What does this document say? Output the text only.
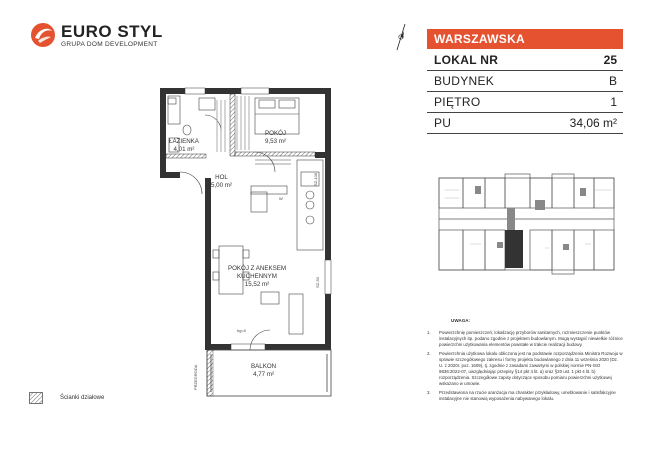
EURO STYL
GRUPA DOM DEVELOPMENT	WARSZAWSKA
LOKAL NR	25
BUDYNEK	B
PIĘTRO	1
PU	34,06 m²
UWAGA:
1.	Powierzchnię pomieszczeń, lokalizację przyborów sanitarnych, rozmieszczenie punktów instalacyjnych itp. podano zgodnie z projektem budowlanym. Mogą wystąpić niewielkie różnice powierzchni użytkowania elementów powstałe w trakcie realizacji budowy.
2.	Powierzchnia użytkowa lokalu obliczona jest na podstawie rozporządzenia Ministra Rozwoju w sprawie szczegółowego zakresu i formy projektu budowlanego z dnia 11 września 2020 (Dz. U. z 2020r. poz. 1609), tj. zgodnie z zasadami zawartymi w polskiej normie PN-ISO 9836:2022-07, uwzględniając przepisy §14 pkt 4 lit. a) oraz §20 ust. 1 pkt 4 lit. b) rozporządzenia. Szczegółowe zapisy dotyczące sposobu pomiaru powierzchni użytkowej wskazano w umowie.
3.	Przedstawiona na rzucie aranżacja ma charakter przykładowy, umeblowanie i satisfakcyjne instalacyjne nie stanowią wyposażenia nabywanego lokalu.
ŁAZIENKA
4,01 m²
POKÓJ
9,53 m²
HOL
5,00 m²
POKÓJ Z ANEKSEM KUCHENNYM
15,52 m²
BALKON
4,77 m²
hg=0
PRZEGRODA
W
SZ-100
SZ-50
Ścianki działowe
